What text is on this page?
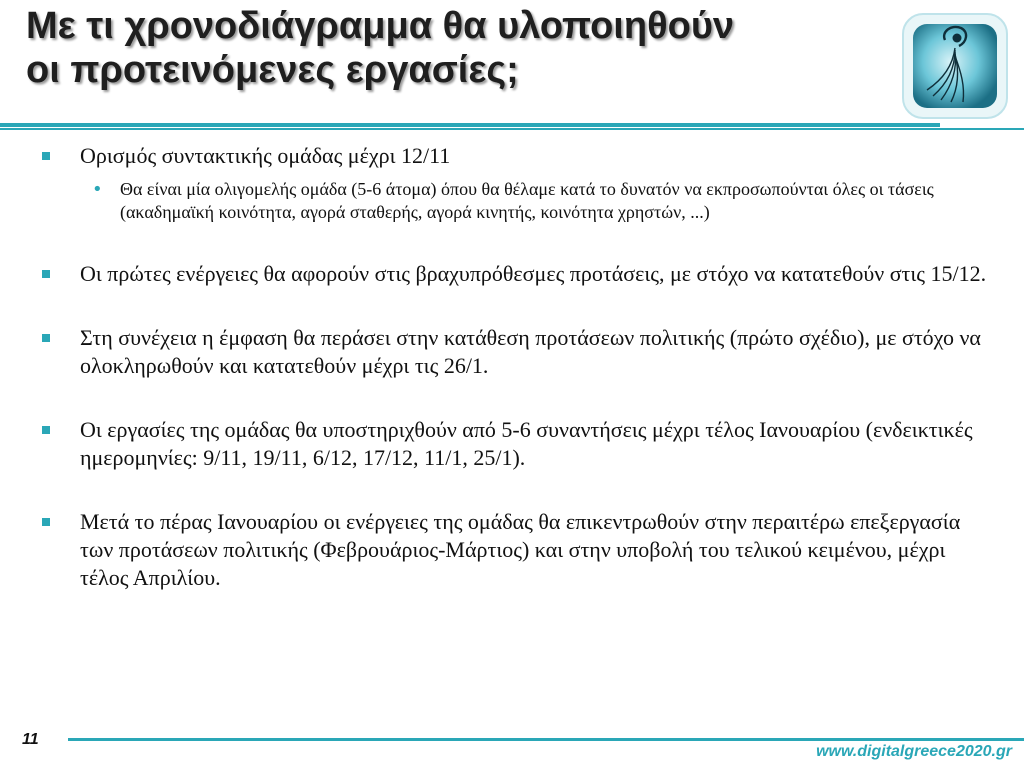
Με τι χρονοδιάγραμμα θα υλοποιηθούν οι προτεινόμενες εργασίες;
Ορισμός συντακτικής ομάδας μέχρι 12/11
• Θα είναι μία ολιγομελής ομάδα (5-6 άτομα) όπου θα θέλαμε κατά το δυνατόν να εκπροσωπούνται όλες οι τάσεις (ακαδημαϊκή κοινότητα, αγορά σταθερής, αγορά κινητής, κοινότητα χρηστών, ...)
Οι πρώτες ενέργειες θα αφορούν στις βραχυπρόθεσμες προτάσεις, με στόχο να κατατεθούν στις 15/12.
Στη συνέχεια η έμφαση θα περάσει στην κατάθεση προτάσεων πολιτικής (πρώτο σχέδιο), με στόχο να ολοκληρωθούν και κατατεθούν μέχρι τις 26/1.
Οι εργασίες της ομάδας θα υποστηριχθούν από 5-6 συναντήσεις μέχρι τέλος Ιανουαρίου (ενδεικτικές ημερομηνίες: 9/11, 19/11, 6/12, 17/12, 11/1, 25/1).
Μετά το πέρας Ιανουαρίου οι ενέργειες της ομάδας θα επικεντρωθούν στην περαιτέρω επεξεργασία των προτάσεων πολιτικής (Φεβρουάριος-Μάρτιος) και στην υποβολή του τελικού κειμένου, μέχρι τέλος Απριλίου.
11
www.digitalgreece2020.gr
